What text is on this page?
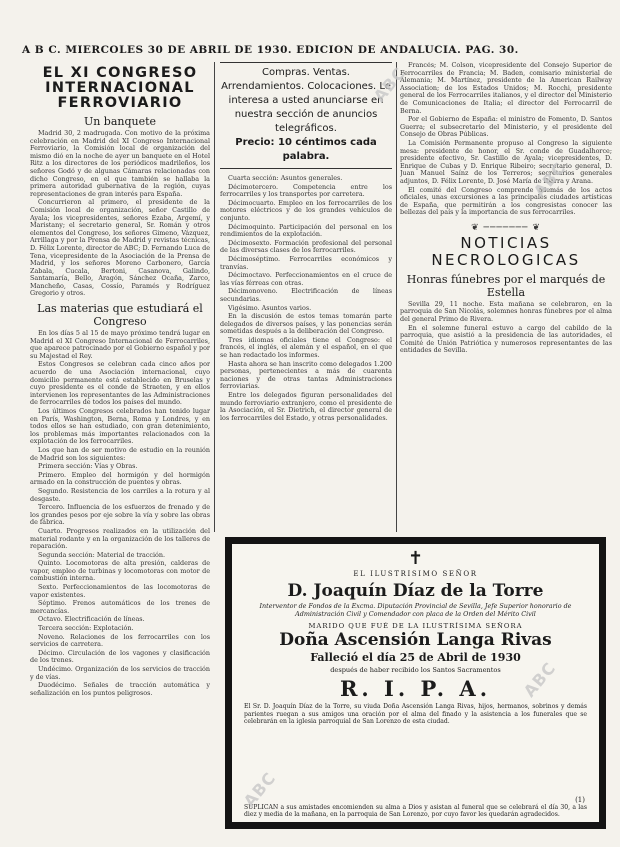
A B C. MIERCOLES 30 DE ABRIL DE 1930. EDICION DE ANDALUCIA. PAG. 30.
EL XI CONGRESO INTERNACIONAL FERROVIARIO
Un banquete

Madrid 30, 2 madrugada. Con motivo de la próxima celebración en Madrid del XI Congreso Internacional Ferroviario, la Comisión local de organización del mismo dió en la noche de ayer un banquete en el Hotel Ritz a los directores de los periódicos madrileños, los señores Godó y de algunas Cámaras relacionadas con dicho Congreso, en el que también se hallaba la primera autoridad gubernativa de la región, cuyas representaciones de gran interés para España.

Concurrieron al primero, el presidente de la Comisión local de organización, señor Castillo de Ayala; los vicepresidentes, señores Ezaba, Argemí, y Maristany; el secretario general, Sr. Román y otros elementos del Congreso, los señores Gimeno, Vázquez, Arrillaga y por la Prensa de Madrid y revistas técnicas, D. Félix Lorente, director de ABC; D. Fernando Luca de Tena, vicepresidente de la Asociación de la Prensa de Madrid, y los señores Moreno Carbonero, García Zabala, Cucala, Bertoni, Casanova, Galindo, Santamaría, Bello, Aragón, Sánchez Ocaña, Zarco, Mancheño, Casas, Cossío, Paramés y Rodríguez Gregorio y otros.

Las materias que estudiará el Congreso

En los días 5 al 15 de mayo próximo tendrá lugar en Madrid el XI Congreso Internacional de Ferrocarriles, que aparece patrocinado por el Gobierno español y por su Majestad el Rey.

Estos Congresos se celebran cada cinco años por acuerdo de una Asociación internacional, cuyo domicilio permanente está establecido en Bruselas y cuyo presidente es el conde de Straeten, y en ellos intervienen los representantes de las Administraciones de ferrocarriles de todos los países del mundo.

Los últimos Congresos celebrados han tenido lugar en París, Washington, Berna, Roma y Londres, y en todos ellos se han estudiado, con gran detenimiento, los problemas más importantes relacionados con la explotación de los ferrocarriles.

Los que han de ser motivo de estudio en la reunión de Madrid son los siguientes:

Primera sección: Vías y Obras.

Primero. Empleo del hormigón y del hormigón armado en la construcción de puentes y obras.

Segundo. Resistencia de los carriles a la rotura y al desgaste.

Tercero. Influencia de los esfuerzos de frenado y de los grandes pesos por eje sobre la vía y sobre las obras de fábrica.

Cuarto. Progresos realizados en la utilización del material rodante y en la organización de los talleres de reparación.

Segunda sección: Material de tracción.

Quinto. Locomotoras de alta presión, calderas de vapor, empleo de turbinas y locomotoras con motor de combustión interna.

Sexto. Perfeccionamientos de las locomotoras de vapor existentes.

Séptimo. Frenos automáticos de los trenes de mercancías.

Octavo. Electrificación de líneas.

Tercera sección: Explotación.

Noveno. Relaciones de los ferrocarriles con los servicios de carretera.

Décimo. Circulación de los vagones y clasificación de los trenes.

Undécimo. Organización de los servicios de tracción y de vías.

Duodécimo. Señales de tracción automática y señalización en los puntos peligrosos.

Compras. Ventas. Arrendamientos. Colocaciones. Le interesa a usted anunciarse en nuestra sección de anuncios telegráficos.
Precio: 10 céntimos cada palabra.

Cuarta sección: Asuntos generales.

Décimotercero. Competencia entre los ferrocarriles y los transportes por carretera.

Décimocuarto. Empleo en los ferrocarriles de los motores eléctricos y de los grandes vehículos de conjunto.

Décimoquinto. Participación del personal en los rendimientos de la explotación.

Décimosexto. Formación profesional del personal de las diversas clases de los ferrocarriles.

Décimoséptimo. Ferrocarriles económicos y tranvías.

Décimoctavo. Perfeccionamientos en el cruce de las vías férreas con otras.

Décimonoveno. Electrificación de líneas secundarias.

Vigésimo. Asuntos varios.

En la discusión de estos temas tomarán parte delegados de diversos países, y las ponencias serán sometidas después a la deliberación del Congreso.

Tres idiomas oficiales tiene el Congreso: el francés, el inglés, el alemán y el español, en el que se han redactado los informes.

Hasta ahora se han inscrito como delegados 1.200 personas, pertenecientes a más de cuarenta naciones y de otras tantas Administraciones ferroviarias.

Entre los delegados figuran personalidades del mundo ferroviario extranjero, como el presidente de la Asociación, el Sr. Dietrich, el director general de los ferrocarriles del Estado, y otras personalidades.

Francés; M. Colson, vicepresidente del Consejo Superior de Ferrocarriles de Francia; M. Baden, comisario ministerial de Alemania; M. Martínez, presidente de la American Railway Association; de los Estados Unidos; M. Rocchi, presidente general de los Ferrocarriles italianos, y el director del Ministerio de Comunicaciones de Italia; el director del Ferrocarril de Berna.

Por el Gobierno de España: el ministro de Fomento, D. Santos Guerra; el subsecretario del Ministerio, y el presidente del Consejo de Obras Públicas.

La Comisión Permanente propuso al Congreso la siguiente mesa: presidente de honor, el Sr. conde de Guadalhorce; presidente efectivo, Sr. Castillo de Ayala; vicepresidentes, D. Enrique de Cubas y D. Enrique Ribeiro; secretario general, D. Juan Manuel Saínz de los Terreros; secretarios generales adjuntos, D. Félix Lorente, D. José María de Ibarra y Arana.

El comité del Congreso comprende además de los actos oficiales, unas excursiones a las principales ciudades artísticas de España, que permitirán a los congresistas conocer las bellezas del país y la importancia de sus ferrocarriles.

❦ ─────── ❦
NOTICIAS NECROLOGICAS
Honras fúnebres por el marqués de Estella

Sevilla 29, 11 noche. Esta mañana se celebraron, en la parroquia de San Nicolás, solemnes honras fúnebres por el alma del general Primo de Rivera.

En el solemne funeral estuvo a cargo del cabildo de la parroquia, que asistió a la presidencia de las autoridades, el Comité de Unión Patriótica y numerosos representantes de las entidades de Sevilla.

✝
EL ILUSTRISIMO SEÑOR
D. Joaquín Díaz de la Torre
Interventor de Fondos de la Excma. Diputación Provincial de Sevilla, Jefe Superior honorario de Administración Civil y Comendador con placa de la Orden del Mérito Civil
MARIDO QUE FUÉ DE LA ILUSTRÍSIMA SEÑORA
Doña Ascensión Langa Rivas
Falleció el día 25 de Abril de 1930
después de haber recibido los Santos Sacramentos
R. I. P. A.
El Sr. D. Joaquín Díaz de la Torre, su viuda Doña Ascensión Langa Rivas, hijos, hermanos, sobrinos y demás parientes ruegan a sus amigos una oración por el alma del finado y la asistencia a los funerales que se celebrarán en la iglesia parroquial de San Lorenzo de esta ciudad.
(1)
SUPLICAN a sus amistades encomienden su alma a Dios y asistan al funeral que se celebrará el día 30, a las diez y media de la mañana, en la parroquia de San Lorenzo, por cuyo favor les quedarán agradecidos.
ABC
ABC
ABC
ABC
